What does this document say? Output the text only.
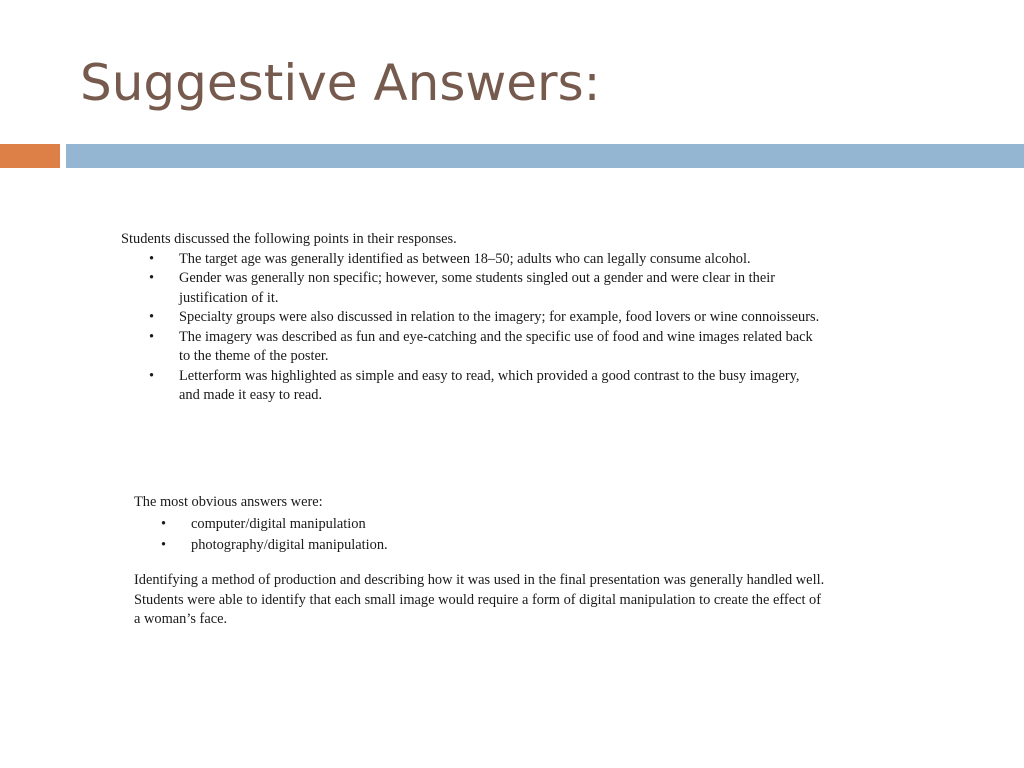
Suggestive Answers:

Students discussed the following points in their responses.

• The target age was generally identified as between 18–50; adults who can legally consume alcohol.
• Gender was generally non specific; however, some students singled out a gender and were clear in their
justification of it.
• Specialty groups were also discussed in relation to the imagery; for example, food lovers or wine connoisseurs.
• The imagery was described as fun and eye-catching and the specific use of food and wine images related back
to the theme of the poster.
• Letterform was highlighted as simple and easy to read, which provided a good contrast to the busy imagery,
and made it easy to read.

The most obvious answers were:

• computer/digital manipulation
• photography/digital manipulation.

Identifying a method of production and describing how it was used in the final presentation was generally handled well.

Students were able to identify that each small image would require a form of digital manipulation to create the effect of

a woman’s face.
